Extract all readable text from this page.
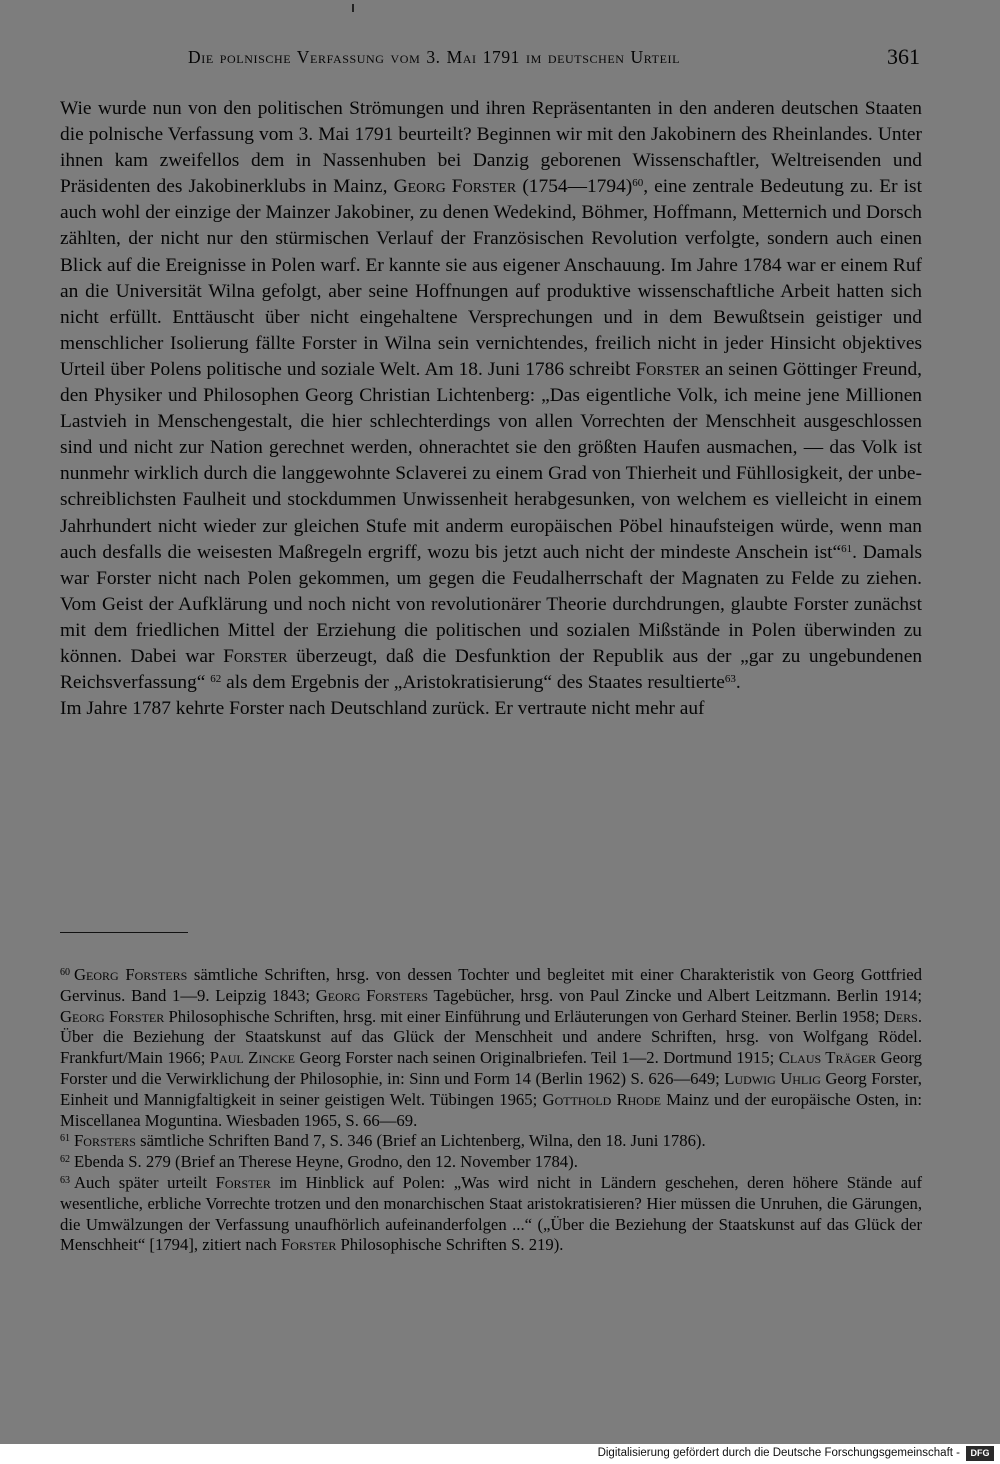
Die polnische Verfassung vom 3. Mai 1791 im deutschen Urteil	361

Wie wurde nun von den politischen Strömungen und ihren Repräsentanten in den anderen deutschen Staaten die polnische Verfassung vom 3. Mai 1791 beurteilt? Beginnen wir mit den Jakobinern des Rheinlandes. Unter ihnen kam zweifellos dem in Nassenhuben bei Danzig geborenen Wissenschaftler, Weltreisenden und Präsidenten des Jakobinerklubs in Mainz, Georg Forster (1754—1794)$^{60}$, eine zentrale Bedeutung zu. Er ist auch wohl der einzige der Mainzer Jakobiner, zu denen Wedekind, Böhmer, Hoffmann, Metternich und Dorsch zählten, der nicht nur den stürmischen Verlauf der Französischen Revolution verfolgte, sondern auch einen Blick auf die Ereignisse in Polen warf. Er kannte sie aus eigener Anschauung. Im Jahre 1784 war er einem Ruf an die Universität Wilna gefolgt, aber seine Hoffnungen auf produktive wissenschaftliche Arbeit hatten sich nicht erfüllt. Enttäuscht über nicht eingehaltene Versprechungen und in dem Bewußtsein geistiger und menschlicher Isolierung fällte Forster in Wilna sein vernichtendes, freilich nicht in jeder Hinsicht objektives Urteil über Polens politische und soziale Welt. Am 18. Juni 1786 schreibt Forster an seinen Göttinger Freund, den Physiker und Philosophen Georg Christian Lichtenberg: „Das eigentliche Volk, ich meine jene Millionen Lastvieh in Menschengestalt, die hier schlechterdings von allen Vorrechten der Menschheit ausgeschlossen sind und nicht zur Nation gerechnet werden, ohnerachtet sie den größten Haufen ausmachen, — das Volk ist nunmehr wirklich durch die langgewohnte Sclaverei zu einem Grad von Thierheit und Fühllosigkeit, der unbeschreiblichsten Faulheit und stockdummen Unwissenheit herabgesunken, von welchem es vielleicht in einem Jahrhundert nicht wieder zur gleichen Stufe mit anderm europäischen Pöbel hinaufsteigen würde, wenn man auch desfalls die weisesten Maßregeln ergriff, wozu bis jetzt auch nicht der mindeste Anschein ist“$^{61}$. Damals war Forster nicht nach Polen gekommen, um gegen die Feudalherrschaft der Magnaten zu Felde zu ziehen. Vom Geist der Aufklärung und noch nicht von revolutionärer Theorie durchdrungen, glaubte Forster zunächst mit dem friedlichen Mittel der Erziehung die politischen und sozialen Mißstände in Polen überwinden zu können. Dabei war Forster überzeugt, daß die Desfunktion der Republik aus der „gar zu ungebundenen Reichsverfassung“ $^{62}$ als dem Ergebnis der „Aristokratisierung“ des Staates resultierte$^{63}$.

Im Jahre 1787 kehrte Forster nach Deutschland zurück. Er vertraute nicht mehr auf

$^{60}$ Georg Forsters sämtliche Schriften, hrsg. von dessen Tochter und begleitet mit einer Charakteristik von Georg Gottfried Gervinus. Band 1—9. Leipzig 1843; Georg Forsters Tagebücher, hrsg. von Paul Zincke und Albert Leitzmann. Berlin 1914; Georg Forster Philosophische Schriften, hrsg. mit einer Einführung und Erläuterungen von Gerhard Steiner. Berlin 1958; Ders. Über die Beziehung der Staatskunst auf das Glück der Menschheit und andere Schriften, hrsg. von Wolfgang Rödel. Frankfurt/Main 1966; Paul Zincke Georg Forster nach seinen Originalbriefen. Teil 1—2. Dortmund 1915; Claus Träger Georg Forster und die Verwirklichung der Philosophie, in: Sinn und Form 14 (Berlin 1962) S. 626—649; Ludwig Uhlig Georg Forster, Einheit und Mannigfaltigkeit in seiner geistigen Welt. Tübingen 1965; Gotthold Rhode Mainz und der europäische Osten, in: Miscellanea Moguntina. Wiesbaden 1965, S. 66—69.

$^{61}$ Forsters sämtliche Schriften Band 7, S. 346 (Brief an Lichtenberg, Wilna, den 18. Juni 1786).

$^{62}$ Ebenda S. 279 (Brief an Therese Heyne, Grodno, den 12. November 1784).

$^{63}$ Auch später urteilt Forster im Hinblick auf Polen: „Was wird nicht in Ländern geschehen, deren höhere Stände auf wesentliche, erbliche Vorrechte trotzen und den monarchischen Staat aristokratisieren? Hier müssen die Unruhen, die Gärungen, die Umwälzungen der Verfassung unaufhörlich aufeinanderfolgen ...“ („Über die Beziehung der Staatskunst auf das Glück der Menschheit“ [1794], zitiert nach Forster Philosophische Schriften S. 219).

Digitalisierung gefördert durch die Deutsche Forschungsgemeinschaft -	DFG
